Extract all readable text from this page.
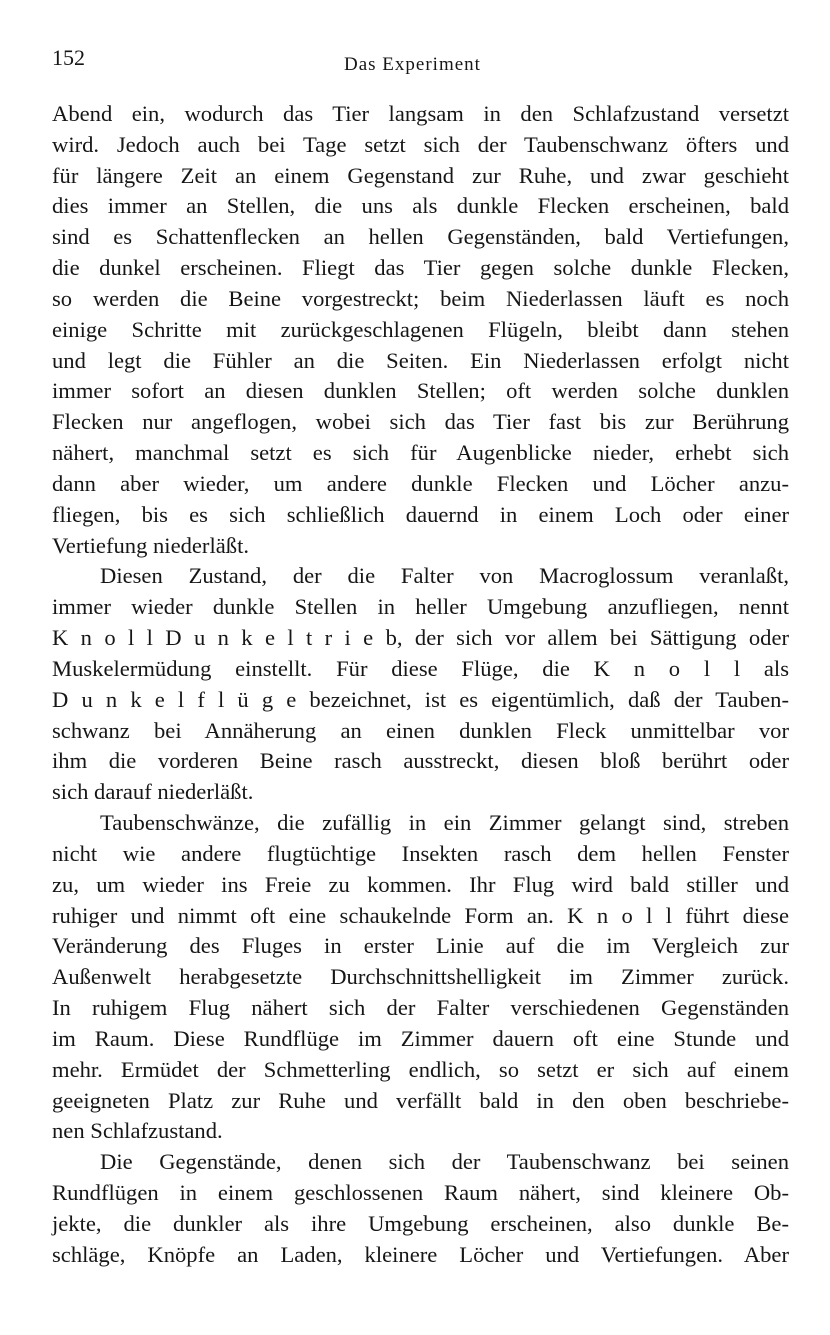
152	Das Experiment
Abend ein, wodurch das Tier langsam in den Schlafzustand versetzt
wird. Jedoch auch bei Tage setzt sich der Taubenschwanz öfters und
für längere Zeit an einem Gegenstand zur Ruhe, und zwar geschieht
dies immer an Stellen, die uns als dunkle Flecken erscheinen, bald
sind es Schattenflecken an hellen Gegenständen, bald Vertiefungen,
die dunkel erscheinen. Fliegt das Tier gegen solche dunkle Flecken,
so werden die Beine vorgestreckt; beim Niederlassen läuft es noch
einige Schritte mit zurückgeschlagenen Flügeln, bleibt dann stehen
und legt die Fühler an die Seiten. Ein Niederlassen erfolgt nicht
immer sofort an diesen dunklen Stellen; oft werden solche dunklen
Flecken nur angeflogen, wobei sich das Tier fast bis zur Berührung
nähert, manchmal setzt es sich für Augenblicke nieder, erhebt sich
dann aber wieder, um andere dunkle Flecken und Löcher anzu-
fliegen, bis es sich schließlich dauernd in einem Loch oder einer
Vertiefung niederläßt.
Diesen Zustand, der die Falter von Macroglossum veranlaßt,
immer wieder dunkle Stellen in heller Umgebung anzufliegen, nennt
K n o l l D u n k e l t r i e b, der sich vor allem bei Sättigung oder
Muskelermüdung einstellt. Für diese Flüge, die K n o l l als
D u n k e l f l ü g e bezeichnet, ist es eigentümlich, daß der Tauben-
schwanz bei Annäherung an einen dunklen Fleck unmittelbar vor
ihm die vorderen Beine rasch ausstreckt, diesen bloß berührt oder
sich darauf niederläßt.
Taubenschwänze, die zufällig in ein Zimmer gelangt sind, streben
nicht wie andere flugtüchtige Insekten rasch dem hellen Fenster
zu, um wieder ins Freie zu kommen. Ihr Flug wird bald stiller und
ruhiger und nimmt oft eine schaukelnde Form an. K n o l l führt diese
Veränderung des Fluges in erster Linie auf die im Vergleich zur
Außenwelt herabgesetzte Durchschnittshelligkeit im Zimmer zurück.
In ruhigem Flug nähert sich der Falter verschiedenen Gegenständen
im Raum. Diese Rundflüge im Zimmer dauern oft eine Stunde und
mehr. Ermüdet der Schmetterling endlich, so setzt er sich auf einem
geeigneten Platz zur Ruhe und verfällt bald in den oben beschriebe-
nen Schlafzustand.
Die Gegenstände, denen sich der Taubenschwanz bei seinen
Rundflügen in einem geschlossenen Raum nähert, sind kleinere Ob-
jekte, die dunkler als ihre Umgebung erscheinen, also dunkle Be-
schläge, Knöpfe an Laden, kleinere Löcher und Vertiefungen. Aber
